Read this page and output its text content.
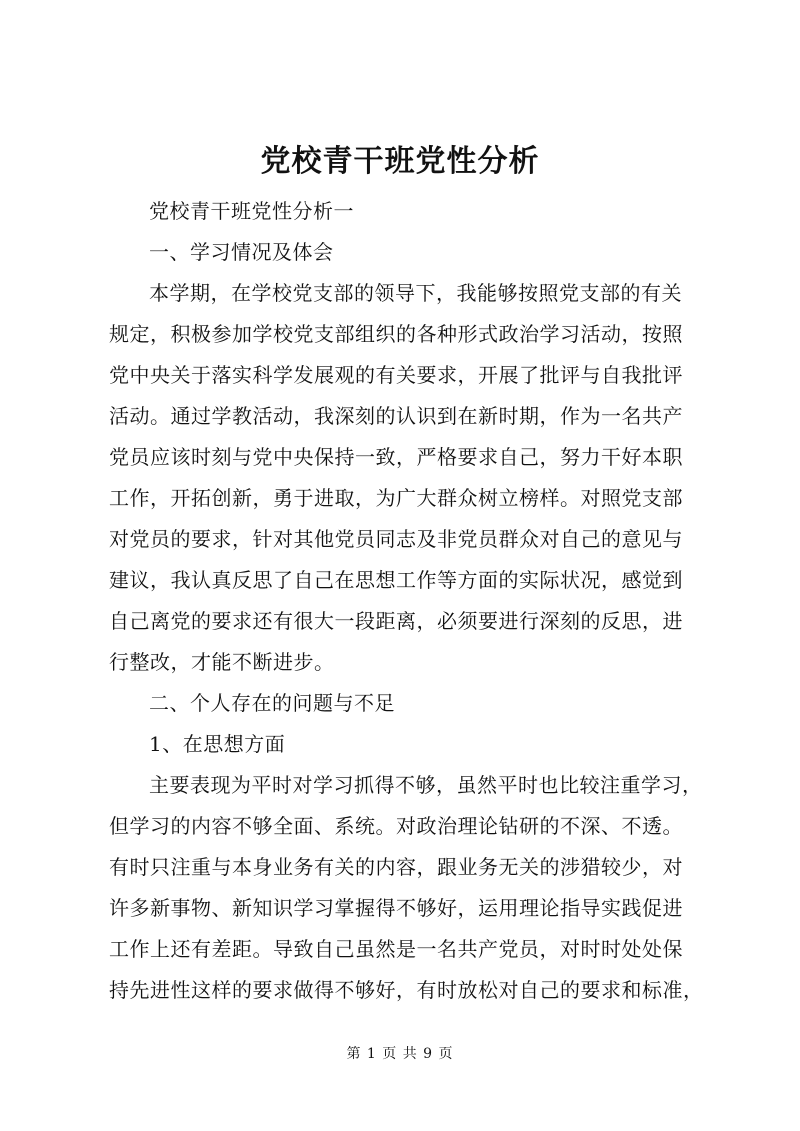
党校青干班党性分析

党校青干班党性分析一

一、学习情况及体会

本学期，在学校党支部的领导下，我能够按照党支部的有关
规定，积极参加学校党支部组织的各种形式政治学习活动，按照
党中央关于落实科学发展观的有关要求，开展了批评与自我批评
活动。通过学教活动，我深刻的认识到在新时期，作为一名共产
党员应该时刻与党中央保持一致，严格要求自己，努力干好本职
工作，开拓创新，勇于进取，为广大群众树立榜样。对照党支部
对党员的要求，针对其他党员同志及非党员群众对自己的意见与
建议，我认真反思了自己在思想工作等方面的实际状况，感觉到
自己离党的要求还有很大一段距离，必须要进行深刻的反思，进
行整改，才能不断进步。

二、个人存在的问题与不足

1、在思想方面

主要表现为平时对学习抓得不够，虽然平时也比较注重学习，
但学习的内容不够全面、系统。对政治理论钻研的不深、不透。
有时只注重与本身业务有关的内容，跟业务无关的涉猎较少，对
许多新事物、新知识学习掌握得不够好，运用理论指导实践促进
工作上还有差距。导致自己虽然是一名共产党员，对时时处处保
持先进性这样的要求做得不够好，有时放松对自己的要求和标准，
第 1 页 共 9 页
